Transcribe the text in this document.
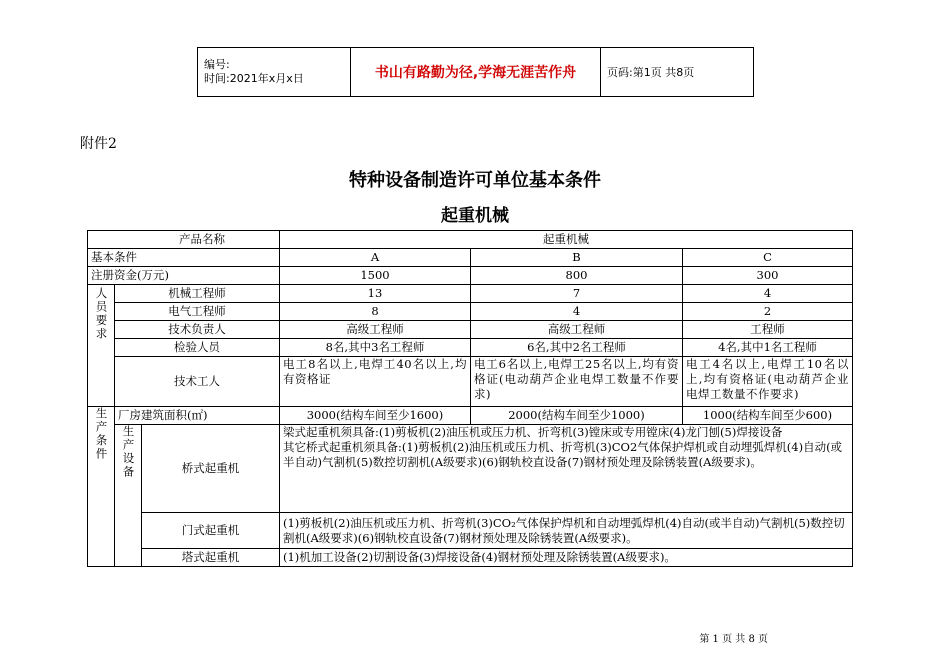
编号:
时间:2021年x月x日	书山有路勤为径,学海无涯苦作舟	页码:第1页 共8页
附件2
特种设备制造许可单位基本条件
起重机械
产品名称			起重机械		
基本条件			A	B	C
注册资金(万元)			1500	800	300
人员要求	机械工程师		13	7	4
	电气工程师		8	4	2
	技术负责人		高级工程师	高级工程师	工程师
	检验人员		8名,其中3名工程师	6名,其中2名工程师	4名,其中1名工程师
	技术工人		电工8名以上,电焊工40名以上,均有资格证	电工6名以上,电焊工25名以上,均有资格证(电动葫芦企业电焊工数量不作要求)	电工4名以上,电焊工10名以上,均有资格证(电动葫芦企业电焊工数量不作要求)
生产条件	厂房建筑面积(㎡)		3000(结构车间至少1600)	2000(结构车间至少1000)	1000(结构车间至少600)
	生产设备	桥式起重机	梁式起重机须具备:(1)剪板机(2)油压机或压力机、折弯机(3)镗床或专用镗床(4)龙门刨(5)焊接设备
其它桥式起重机须具备:(1)剪板机(2)油压机或压力机、折弯机(3)CO2气体保护焊机或自动埋弧焊机(4)自动(或半自动)气割机(5)数控切割机(A级要求)(6)钢轨校直设备(7)钢材预处理及除锈装置(A级要求)。		
		门式起重机	(1)剪板机(2)油压机或压力机、折弯机(3)CO₂气体保护焊机和自动埋弧焊机(4)自动(或半自动)气割机(5)数控切割机(A级要求)(6)钢轨校直设备(7)钢材预处理及除锈装置(A级要求)。		
		塔式起重机	(1)机加工设备(2)切割设备(3)焊接设备(4)钢材预处理及除锈装置(A级要求)。		
第 1 页 共 8 页
